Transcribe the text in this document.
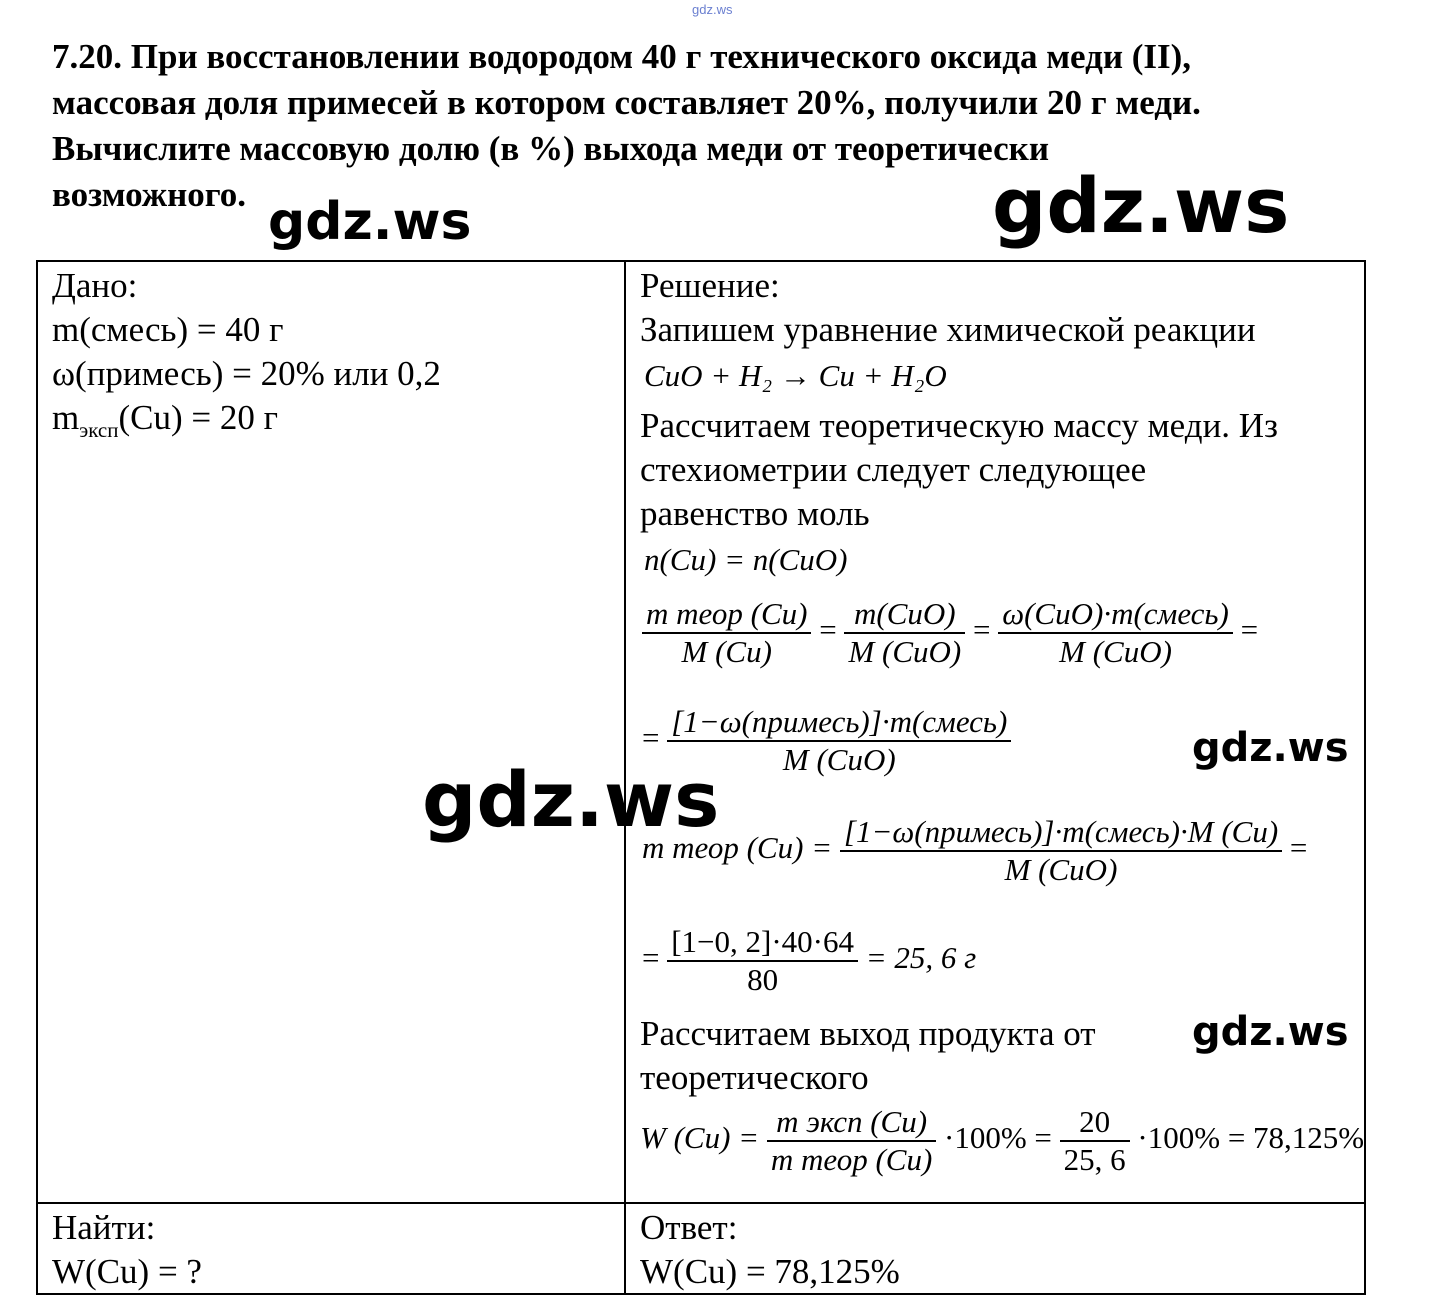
gdz.ws
7.20. При восстановлении водородом 40 г технического оксида меди (II),
массовая доля примесей в котором составляет 20%, получили 20 г меди.
Вычислите массовую долю (в %) выхода меди от теоретически
возможного. gdz.ws	gdz.ws
Дано:
m(смесь) = 40 г
ω(примесь) = 20% или 0,2
$m_{эксп}(Cu) = 20$ г
Решение:
Запишем уравнение химической реакции
CuO + H₂ → Cu + H₂O
Рассчитаем теоретическую массу меди. Из
стехиометрии следует следующее
равенство моль
n(Cu) = n(CuO)
$\frac{\text{m теор (Cu)}}{M (Cu)} = \frac{\text{m(CuO)}}{\text{M (CuO)}} = \frac{\text{ω(CuO)·m(смесь)}}{\text{M (CuO)}}$ =
= $\frac{\text{[1−ω(примесь)]·m(смесь)}}{\text{M (CuO)}}$
m теор $(Cu) = \frac{\text{[1−ω(примесь)]·m(смесь)·M (Cu)}}{\text{M (CuO)}}$ =
= $\frac{[1-0, 2]\cdot 40\cdot 64}{80} = 25$, 6 г
Рассчитаем выход продукта от
теоретического
W $(Cu) = \frac{\text{m эксп (Cu)}}{\text{m теор (Cu)}} \cdot 100\% = \frac{20}{25, 6} \cdot 100\% = 78,125\%$
Найти:
W(Cu) = ?
Ответ:
W(Cu) = 78,125%
gdz.ws
gdz.ws
gdz.ws
